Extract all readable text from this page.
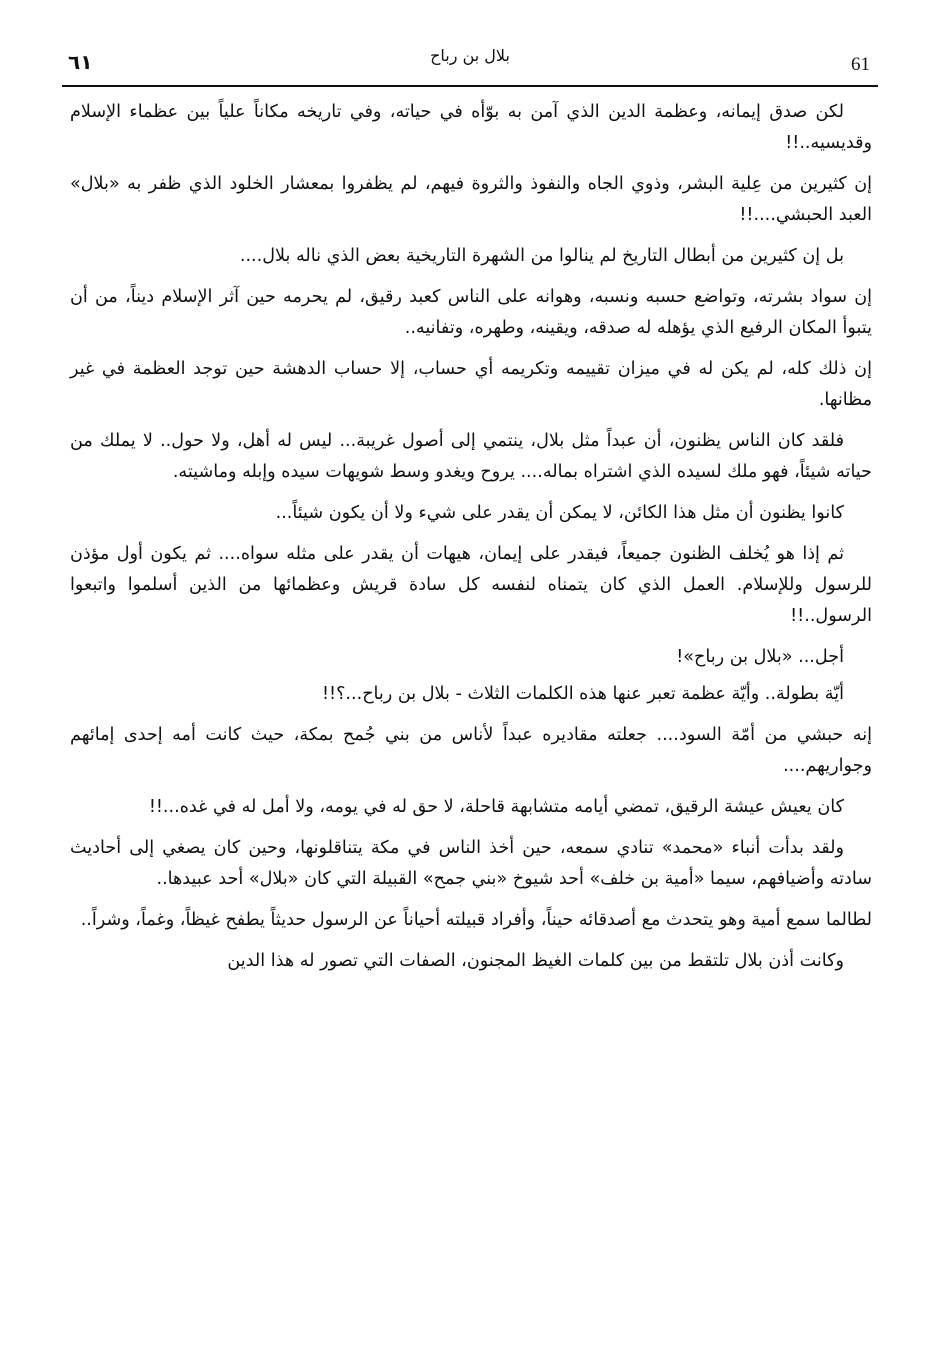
٦١	بلال بن رباح	61

لكن صدق إيمانه، وعظمة الدين الذي آمن به بوّأه في حياته، وفي تاريخه مكاناً علياً بين عظماء الإسلام وقديسيه..!!

إن كثيرين من عِلية البشر، وذوي الجاه والنفوذ والثروة فيهم، لم يظفروا بمعشار الخلود الذي ظفر به «بلال» العبد الحبشي....!!

بل إن كثيرين من أبطال التاريخ لم ينالوا من الشهرة التاريخية بعض الذي ناله بلال....

إن سواد بشرته، وتواضع حسبه ونسبه، وهوانه على الناس كعبد رقيق، لم يحرمه حين آثر الإسلام ديناً، من أن يتبوأ المكان الرفيع الذي يؤهله له صدقه، ويقينه، وطهره، وتفانيه..

إن ذلك كله، لم يكن له في ميزان تقييمه وتكريمه أي حساب، إلا حساب الدهشة حين توجد العظمة في غير مظانها.

فلقد كان الناس يظنون، أن عبداً مثل بلال، ينتمي إلى أصول غريبة... ليس له أهل، ولا حول.. لا يملك من حياته شيئاً، فهو ملك لسيده الذي اشتراه بماله.... يروح ويغدو وسط شويهات سيده وإبله وماشيته.

كانوا يظنون أن مثل هذا الكائن، لا يمكن أن يقدر على شيء ولا أن يكون شيئاً...

ثم إذا هو يُخلف الظنون جميعاً، فيقدر على إيمان، هيهات أن يقدر على مثله سواه.... ثم يكون أول مؤذن للرسول وللإسلام. العمل الذي كان يتمناه لنفسه كل سادة قريش وعظمائها من الذين أسلموا واتبعوا الرسول..!!

أجل... «بلال بن رباح»!

أيّة بطولة.. وأيّة عظمة تعبر عنها هذه الكلمات الثلاث - بلال بن رباح...؟!!

إنه حبشي من أمّة السود.... جعلته مقاديره عبداً لأناس من بني جُمح بمكة، حيث كانت أمه إحدى إمائهم وجواريهم....

كان يعيش عيشة الرقيق، تمضي أيامه متشابهة قاحلة، لا حق له في يومه، ولا أمل له في غده...!!

ولقد بدأت أنباء «محمد» تنادي سمعه، حين أخذ الناس في مكة يتناقلونها، وحين كان يصغي إلى أحاديث سادته وأضيافهم، سيما «أمية بن خلف» أحد شيوخ «بني جمح» القبيلة التي كان «بلال» أحد عبيدها..

لطالما سمع أمية وهو يتحدث مع أصدقائه حيناً، وأفراد قبيلته أحياناً عن الرسول حديثاً يطفح غيظاً، وغماً، وشراً..

وكانت أذن بلال تلتقط من بين كلمات الغيظ المجنون، الصفات التي تصور له هذا الدين
